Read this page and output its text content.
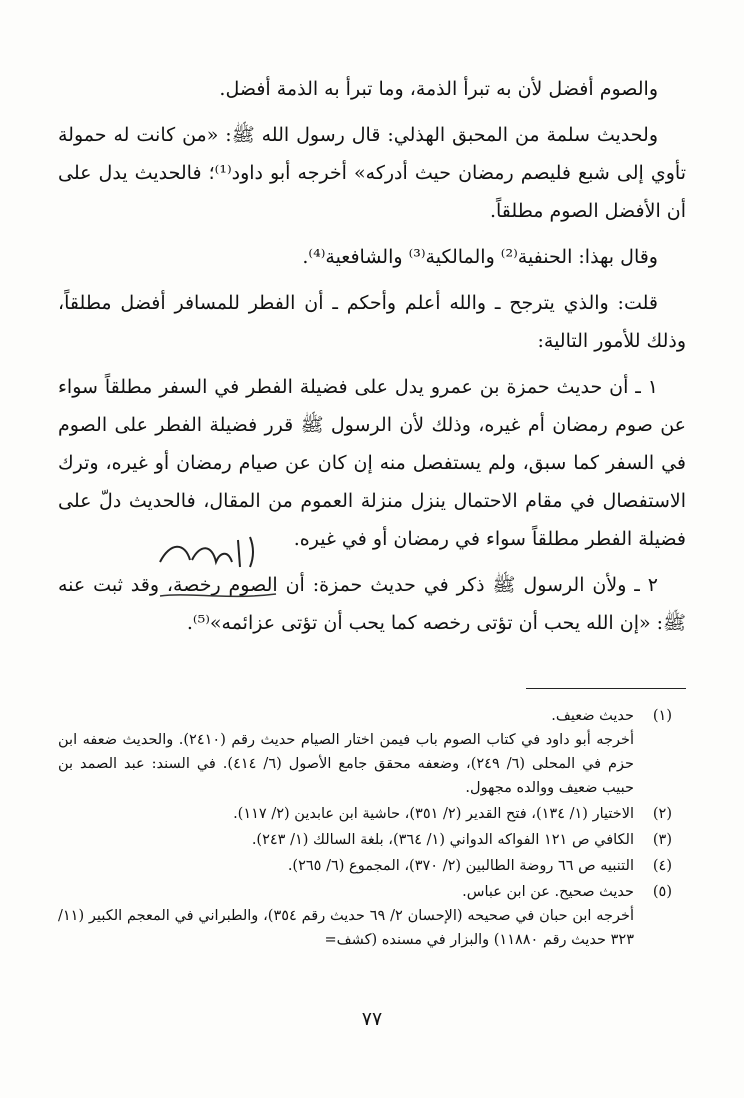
والصوم أفضل لأن به تبرأ الذمة، وما تبرأ به الذمة أفضل.

ولحديث سلمة من المحبق الهذلي: قال رسول الله ﷺ: «من كانت له حمولة تأوي إلى شبع فليصم رمضان حيث أدركه» أخرجه أبو داود⁽¹⁾؛ فالحديث يدل على أن الأفضل الصوم مطلقاً.

وقال بهذا: الحنفية⁽²⁾ والمالكية⁽³⁾ والشافعية⁽⁴⁾.

قلت: والذي يترجح ـ والله أعلم وأحكم ـ أن الفطر للمسافر أفضل مطلقاً، وذلك للأمور التالية:

١ ـ أن حديث حمزة بن عمرو يدل على فضيلة الفطر في السفر مطلقاً سواء عن صوم رمضان أم غيره، وذلك لأن الرسول ﷺ قرر فضيلة الفطر على الصوم في السفر كما سبق، ولم يستفصل منه إن كان عن صيام رمضان أو غيره، وترك الاستفصال في مقام الاحتمال ينزل منزلة العموم من المقال، فالحديث دلّ على فضيلة الفطر مطلقاً سواء في رمضان أو في غيره.

٢ ـ ولأن الرسول ﷺ ذكر في حديث حمزة: أن الصوم رخصة، وقد ثبت عنه ﷺ: «إن الله يحب أن تؤتى رخصه كما يحب أن تؤتى عزائمه»⁽⁵⁾.

(١)
حديث ضعيف.
أخرجه أبو داود في كتاب الصوم باب فيمن اختار الصيام حديث رقم (٢٤١٠). والحديث ضعفه ابن حزم في المحلى (٦/ ٢٤٩)، وضعفه محقق جامع الأصول (٦/ ٤١٤). في السند: عبد الصمد بن حبيب ضعيف ووالده مجهول.
(٢)
الاختيار (١/ ١٣٤)، فتح القدير (٢/ ٣٥١)، حاشية ابن عابدين (٢/ ١١٧).
(٣)
الكافي ص ١٢١ الفواكه الدواني (١/ ٣٦٤)، بلغة السالك (١/ ٢٤٣).
(٤)
التنبيه ص ٦٦ روضة الطالبين (٢/ ٣٧٠)، المجموع (٦/ ٢٦٥).
(٥)
حديث صحيح. عن ابن عباس.
أخرجه ابن حبان في صحيحه (الإحسان ٢/ ٦٩ حديث رقم ٣٥٤)، والطبراني في المعجم الكبير (١١/ ٣٢٣ حديث رقم ١١٨٨٠) والبزار في مسنده (كشف=
٧٧
